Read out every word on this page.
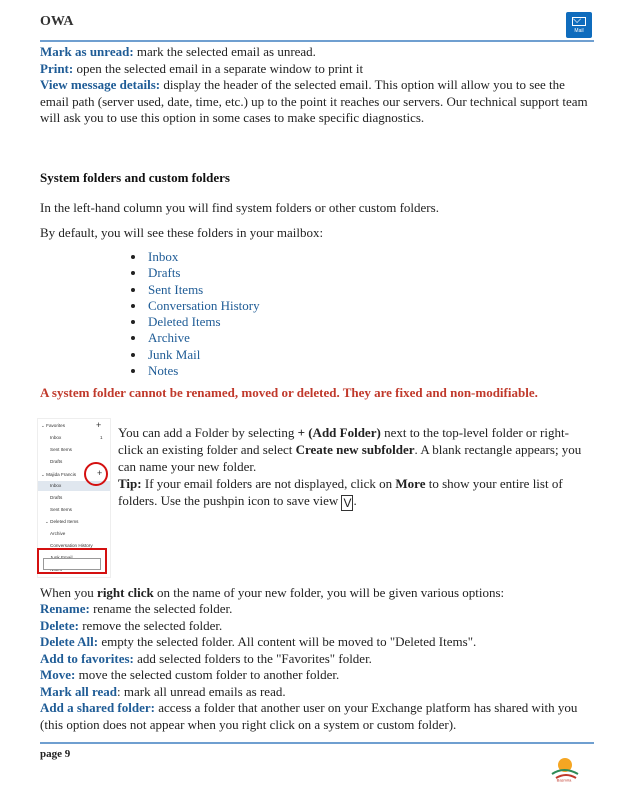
OWA
Mail
Mark as unread: mark the selected email as unread.
Print: open the selected email in a separate window to print it
View message details: display the header of the selected email. This option will allow you to see the email path (server used, date, time, etc.) up to the point it reaches our servers. Our technical support team will ask you to use this option in some cases to make specific diagnostics.
System folders and custom folders
In the left-hand column you will find system folders or other custom folders.
By default, you will see these folders in your mailbox:
Inbox
Drafts
Sent Items
Conversation History
Deleted Items
Archive
Junk Mail
Notes
A system folder cannot be renamed, moved or deleted. They are fixed and non-modifiable.
⌄ Favorites	+
Inbox	1
Sent Items
Drafts
⌄ Majida Francis +
Inbox
Drafts
Sent Items
⌄ Deleted Items
Archive
Conversation History
You can add a Folder by selecting + (Add Folder) next to the top-level folder or right-click an existing folder and select Create new subfolder. A blank rectangle appears; you can name your new folder.
Tip: If your email folders are not displayed, click on More to show your entire list of folders. Use the pushpin icon to save view V .
When you right click on the name of your new folder, you will be given various options:
Rename: rename the selected folder.
Delete: remove the selected folder.
Delete All: empty the selected folder. All content will be moved to "Deleted Items".
Add to favorites: add selected folders to the "Favorites" folder.
Move: move the selected custom folder to another folder.
Mark all read: mark all unread emails as read.
Add a shared folder: access a folder that another user on your Exchange platform has shared with you (this option does not appear when you right click on a system or custom folder).
page 9
Basmira
